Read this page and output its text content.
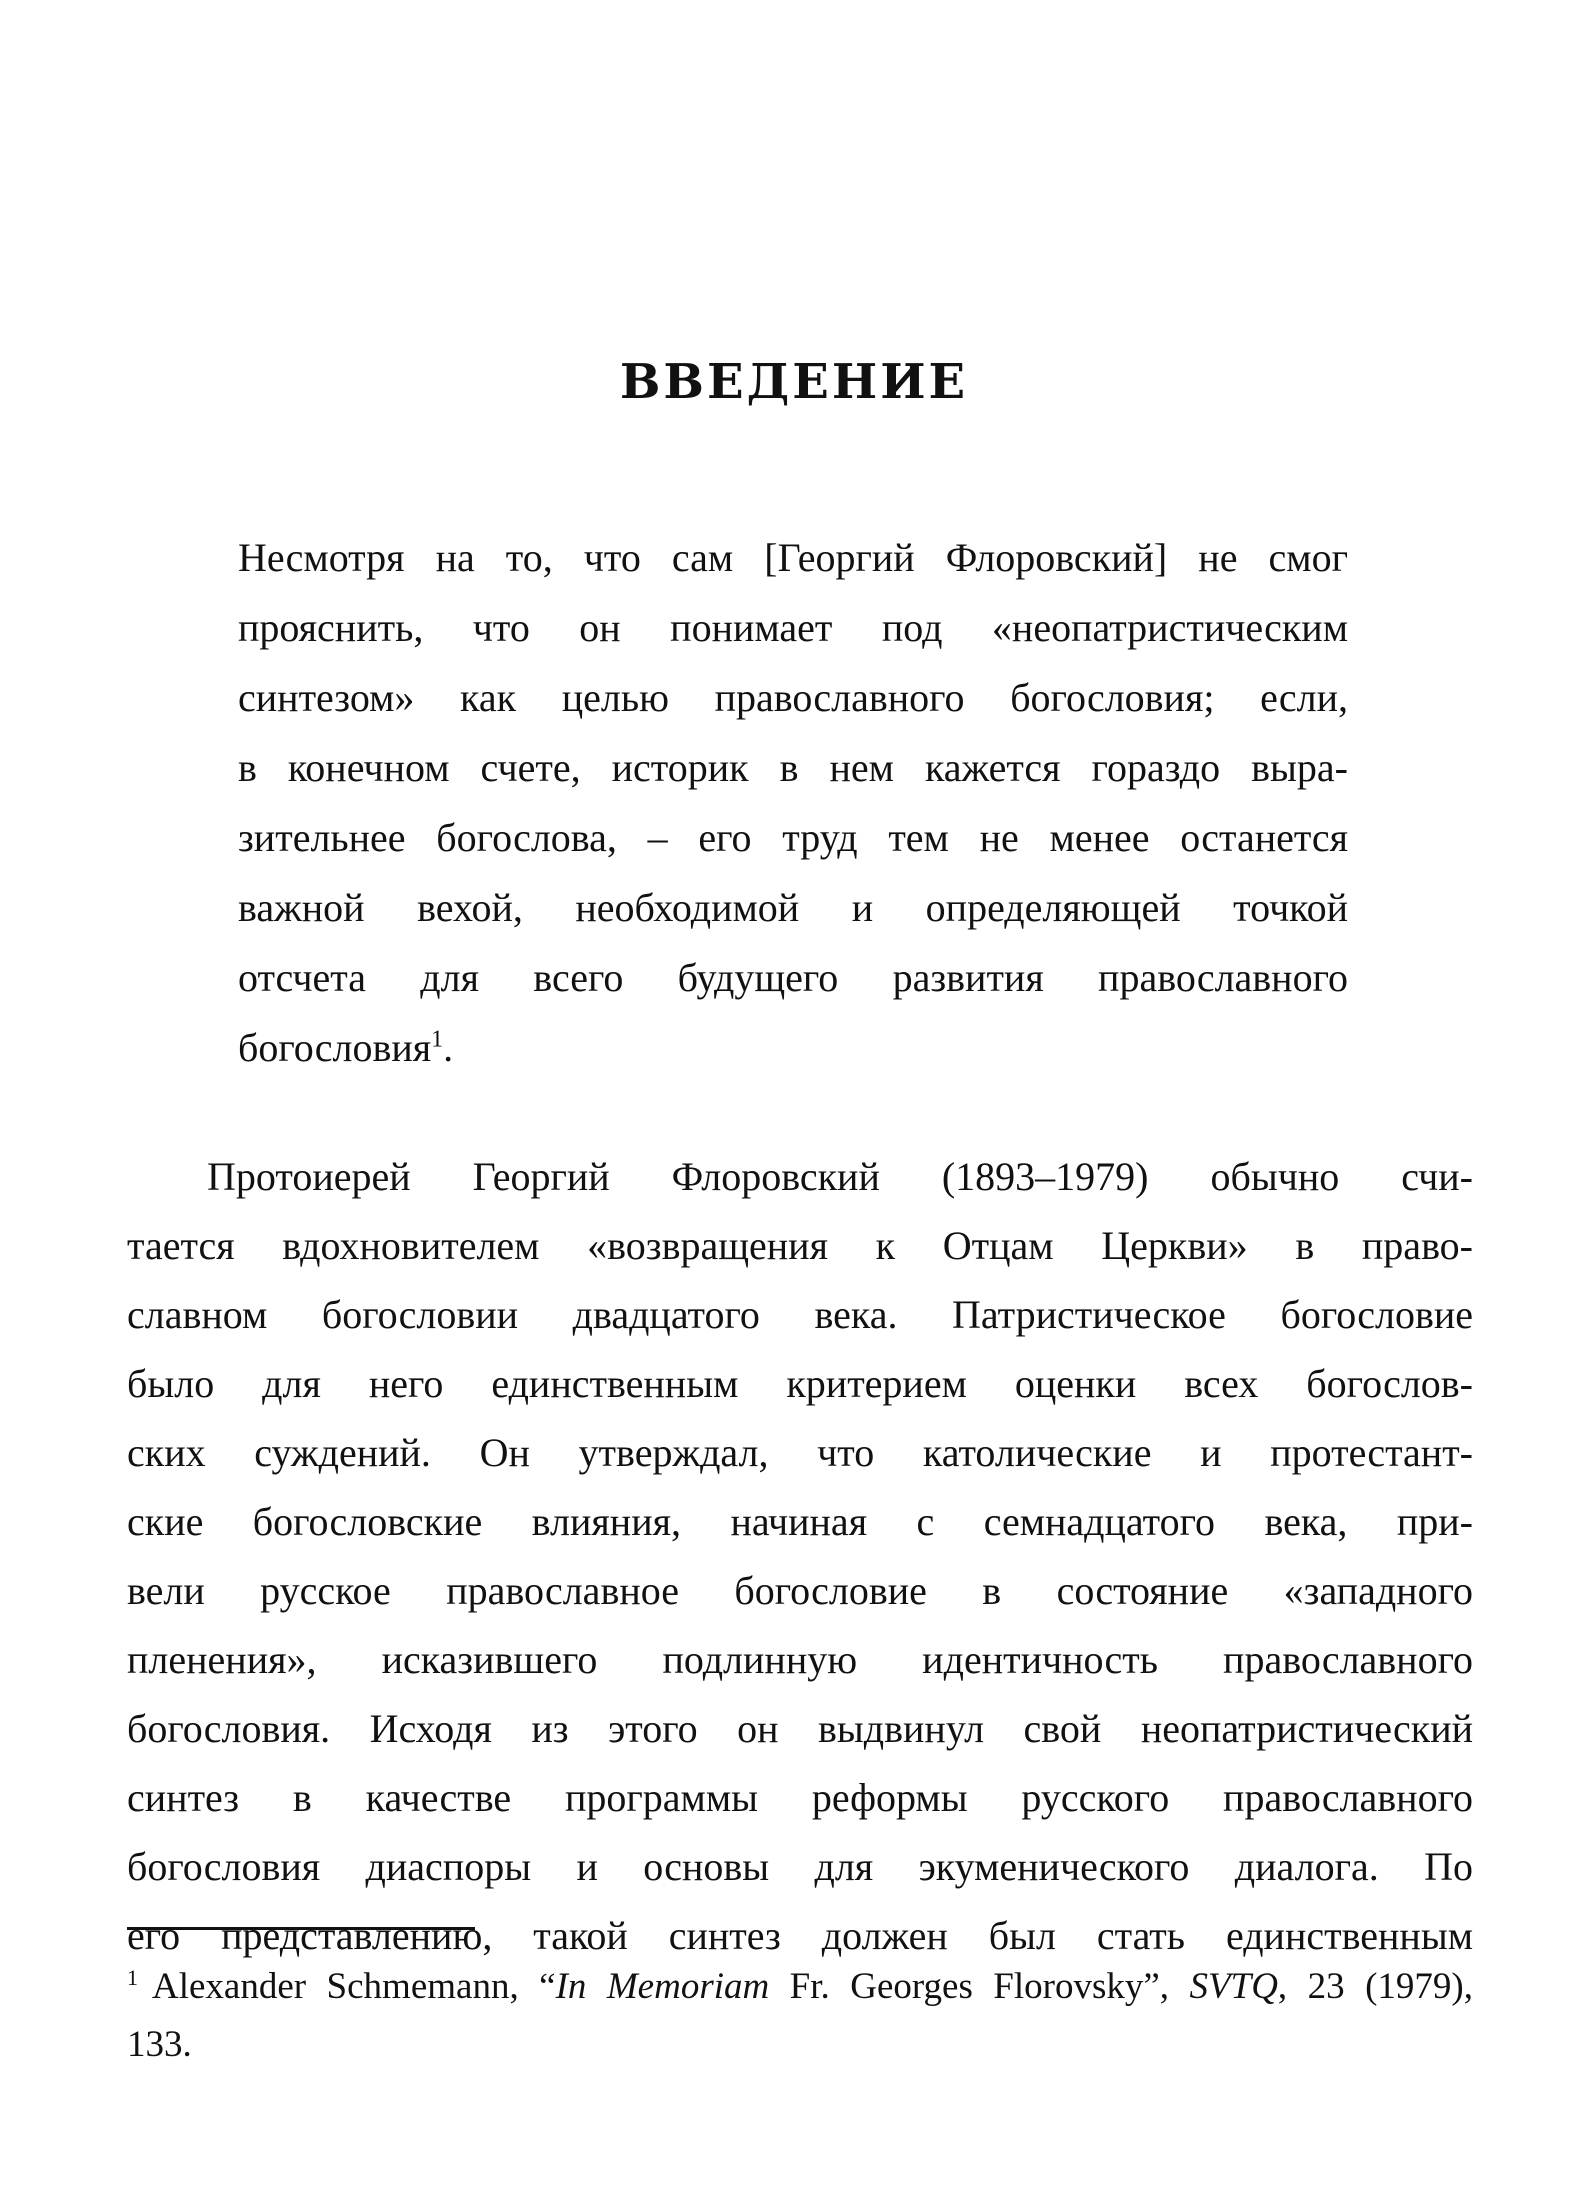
ВВЕДЕНИЕ
Несмотря на то, что сам [Георгий Флоровский] не смог
прояснить, что он понимает под «неопатристическим
синтезом» как целью православного богословия; если,
в конечном счете, историк в нем кажется гораздо выра-
зительнее богослова, – его труд тем не менее останется
важной вехой, необходимой и определяющей точкой
отсчета для всего будущего развития православного
богословия$^1$.
Протоиерей Георгий Флоровский (1893–1979) обычно счи-
тается вдохновителем «возвращения к Отцам Церкви» в право-
славном богословии двадцатого века. Патристическое богословие
было для него единственным критерием оценки всех богослов-
ских суждений. Он утверждал, что католические и протестант-
ские богословские влияния, начиная с семнадцатого века, при-
вели русское православное богословие в состояние «западного
пленения», исказившего подлинную идентичность православного
богословия. Исходя из этого он выдвинул свой неопатристический
синтез в качестве программы реформы русского православного
богословия диаспоры и основы для экуменического диалога. По
его представлению, такой синтез должен был стать единственным
$^1$ Alexander Schmemann, “In Memoriam Fr. Georges Florovsky”, SVTQ, 23 (1979),
133.
